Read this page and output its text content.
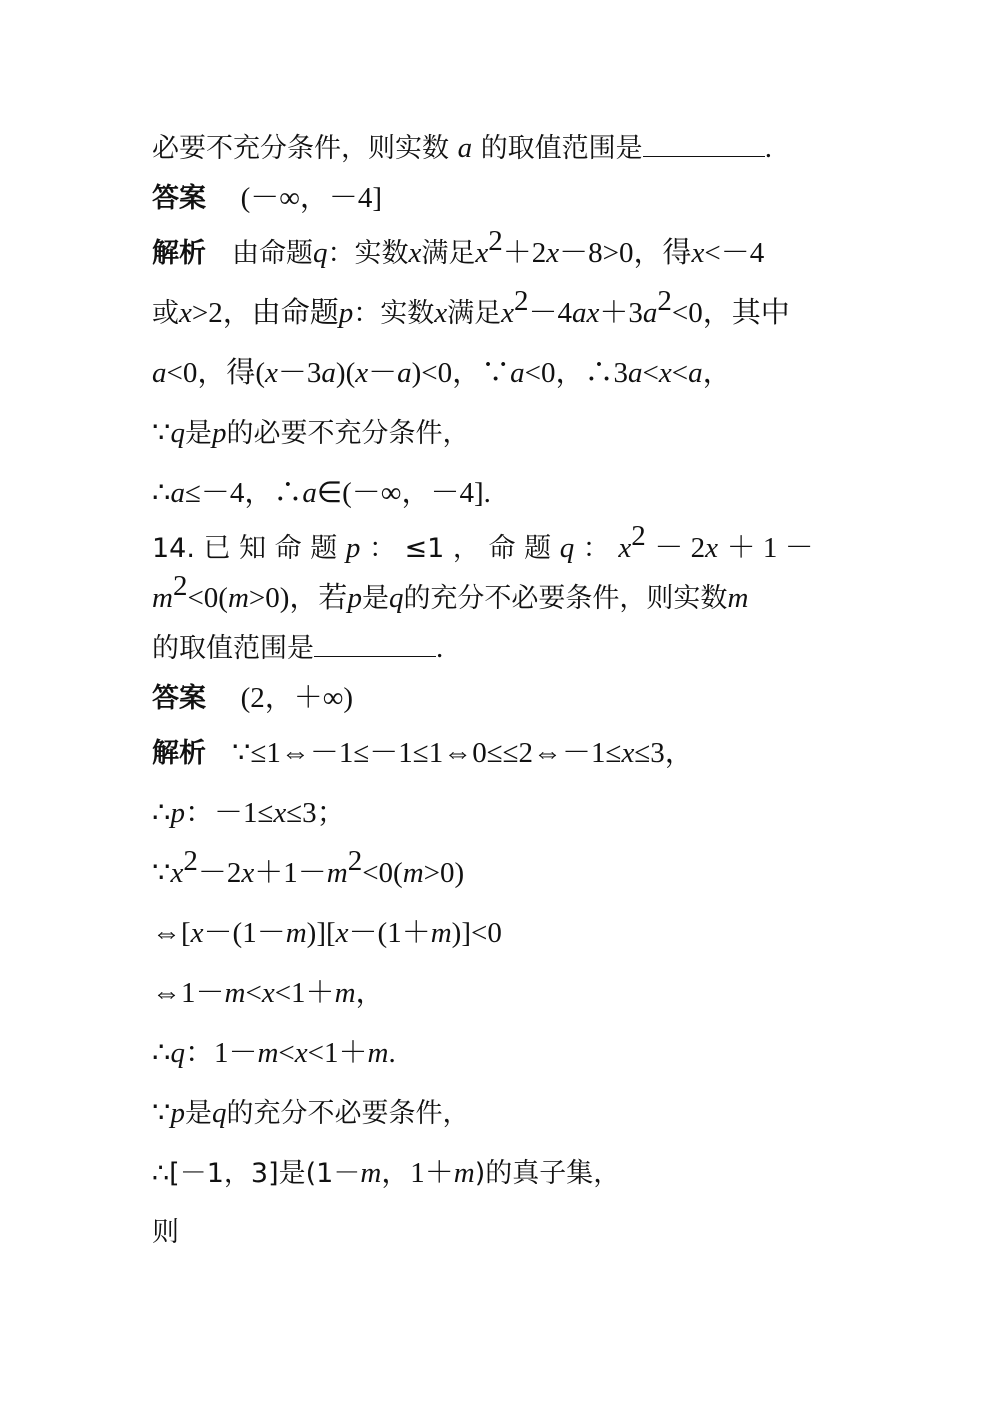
必要不充分条件，则实数 a 的取值范围是	.
答案 (－∞，－4]
解析 由命题q：实数x满足$x^2+2x-8>0$，得x<－4
或x>2，由命题p：实数x满足$x^2-4ax+3a^2<0$，其中
a<0，得(x－3a)(x－a)<0，∵a<0，∴3a<x<a，
∵q是p的必要不充分条件，
∴a≤－4，∴a∈(－∞，－4].
14. 已 知 命 题 p ： ≤1 ， 命 题 q ： $x^2 - 2x + 1$ －
$m^2<0(m>0)$，若p是q的充分不必要条件，则实数m
的取值范围是	.
答案 (2，＋∞)
解析 ∵≤1⇔－1≤－1≤1⇔0≤≤2⇔－1≤x≤3，
∴p：－1≤x≤3；
$\because x^2-2x+1-m^2<0(m>0)$
⇔[x－(1－m)][x－(1＋m)]<0
⇔1－m<x<1＋m，
∴q：1－m<x<1＋m.
∵p是q的充分不必要条件，
∴[－1，3]是(1－m，1＋m)的真子集，
则
